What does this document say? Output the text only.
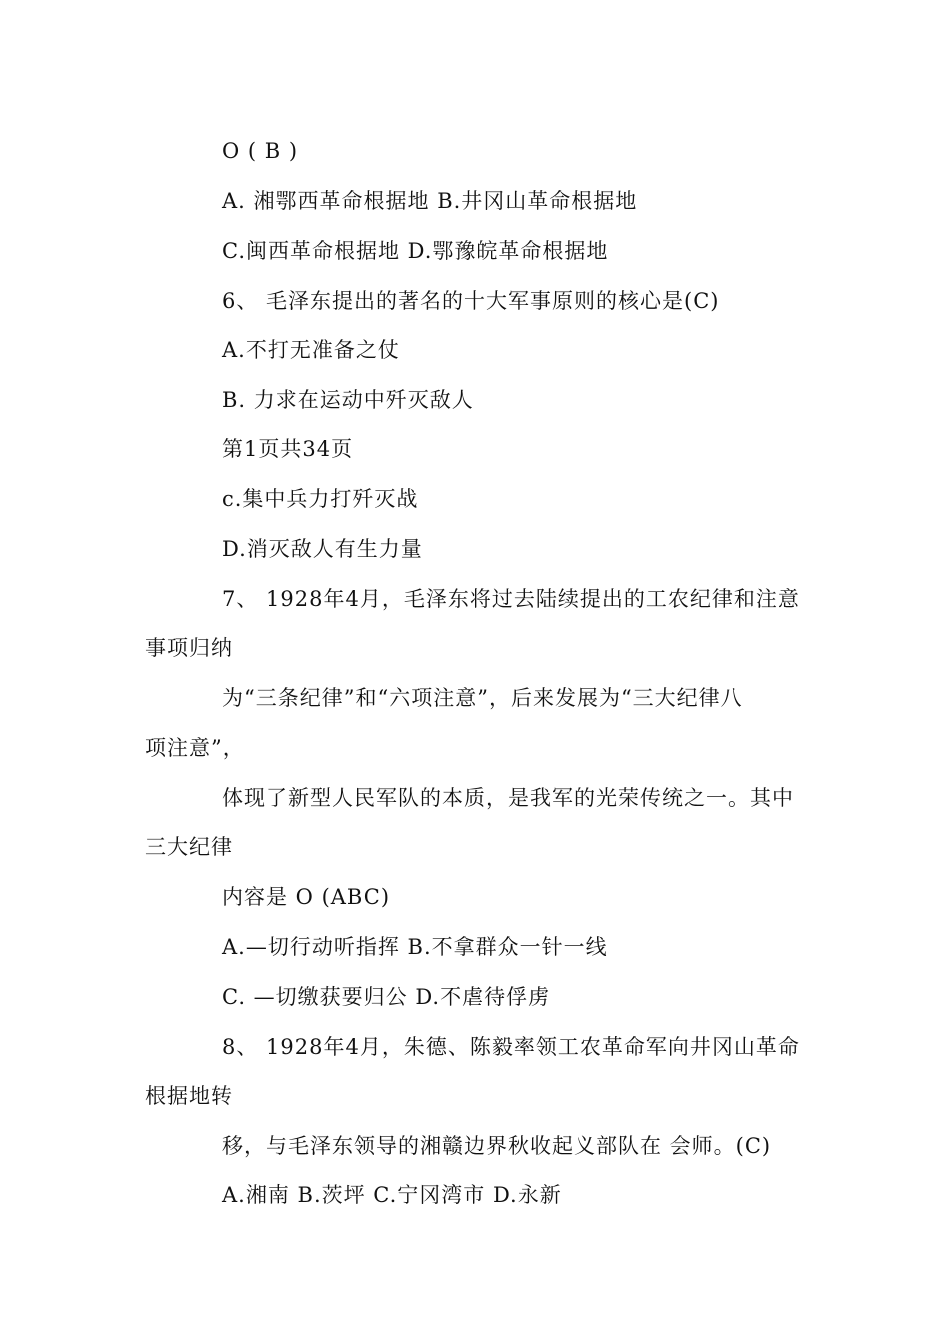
O ( B )
A. 湘鄂西革命根据地 B.井冈山革命根据地
C.闽西革命根据地 D.鄂豫皖革命根据地
6、 毛泽东提出的著名的十大军事原则的核心是(C)
A.不打无准备之仗
B. 力求在运动中歼灭敌人
第1页共34页
c.集中兵力打歼灭战
D.消灭敌人有生力量
7、 1928年4月，毛泽东将过去陆续提出的工农纪律和注意
事项归纳
为“三条纪律”和“六项注意”，后来发展为“三大纪律八
项注意”，
体现了新型人民军队的本质，是我军的光荣传统之一。其中
三大纪律
内容是 O (ABC)
A.—切行动听指挥 B.不拿群众一针一线
C. —切缴获要归公 D.不虐待俘虏
8、 1928年4月，朱德、陈毅率领工农革命军向井冈山革命
根据地转
移，与毛泽东领导的湘赣边界秋收起义部队在 会师。(C)
A.湘南 B.茨坪 C.宁冈湾市 D.永新
